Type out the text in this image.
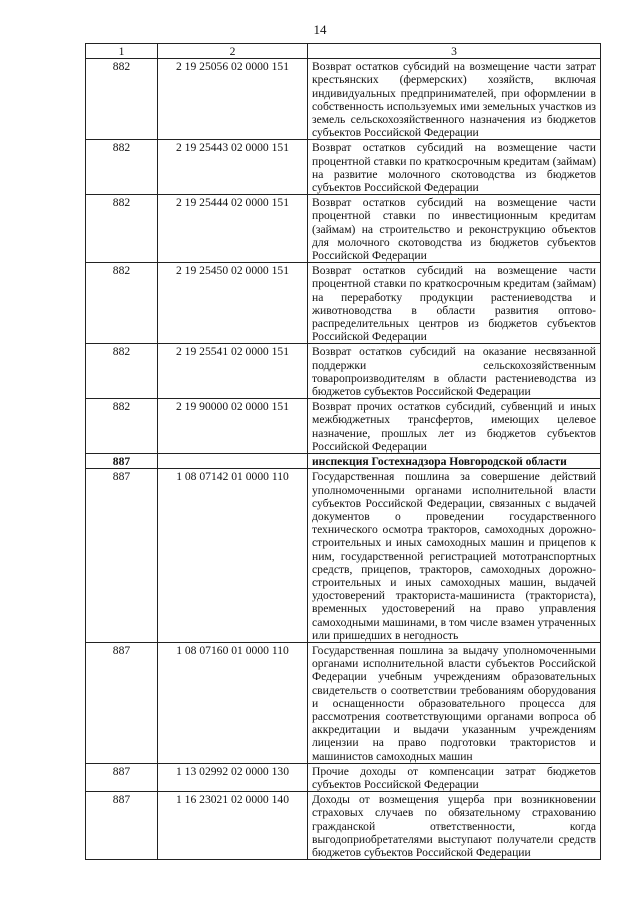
14
1	2	3
882	2 19 25056 02 0000 151	Возврат остатков субсидий на возмещение части затрат крестьянских (фермерских) хозяйств, включая индивидуальных предпринимателей, при оформлении в собственность используемых ими земельных участков из земель сельскохозяйственного назначения из бюджетов субъектов Российской Федерации
882	2 19 25443 02 0000 151	Возврат остатков субсидий на возмещение части процентной ставки по краткосрочным кредитам (займам) на развитие молочного скотоводства из бюджетов субъектов Российской Федерации
882	2 19 25444 02 0000 151	Возврат остатков субсидий на возмещение части процентной ставки по инвестиционным кредитам (займам) на строительство и реконструкцию объектов для молочного скотоводства из бюджетов субъектов Российской Федерации
882	2 19 25450 02 0000 151	Возврат остатков субсидий на возмещение части процентной ставки по краткосрочным кредитам (займам) на переработку продукции растениеводства и животноводства в области развития оптово-распределительных центров из бюджетов субъектов Российской Федерации
882	2 19 25541 02 0000 151	Возврат остатков субсидий на оказание несвязанной поддержки сельскохозяйственным товаропроизводителям в области растениеводства из бюджетов субъектов Российской Федерации
882	2 19 90000 02 0000 151	Возврат прочих остатков субсидий, субвенций и иных межбюджетных трансфертов, имеющих целевое назначение, прошлых лет из бюджетов субъектов Российской Федерации
887		инспекция Гостехнадзора Новгородской области
887	1 08 07142 01 0000 110	Государственная пошлина за совершение действий уполномоченными органами исполнительной власти субъектов Российской Федерации, связанных с выдачей документов о проведении государственного технического осмотра тракторов, самоходных дорожно-строительных и иных самоходных машин и прицепов к ним, государственной регистрацией мототранспортных средств, прицепов, тракторов, самоходных дорожно-строительных и иных самоходных машин, выдачей удостоверений тракториста-машиниста (тракториста), временных удостоверений на право управления самоходными машинами, в том числе взамен утраченных или пришедших в негодность
887	1 08 07160 01 0000 110	Государственная пошлина за выдачу уполномоченными органами исполнительной власти субъектов Российской Федерации учебным учреждениям образовательных свидетельств о соответствии требованиям оборудования и оснащенности образовательного процесса для рассмотрения соответствующими органами вопроса об аккредитации и выдачи указанным учреждениям лицензии на право подготовки трактористов и машинистов самоходных машин
887	1 13 02992 02 0000 130	Прочие доходы от компенсации затрат бюджетов субъектов Российской Федерации
887	1 16 23021 02 0000 140	Доходы от возмещения ущерба при возникновении страховых случаев по обязательному страхованию гражданской ответственности, когда выгодоприобретателями выступают получатели средств бюджетов субъектов Российской Федерации
